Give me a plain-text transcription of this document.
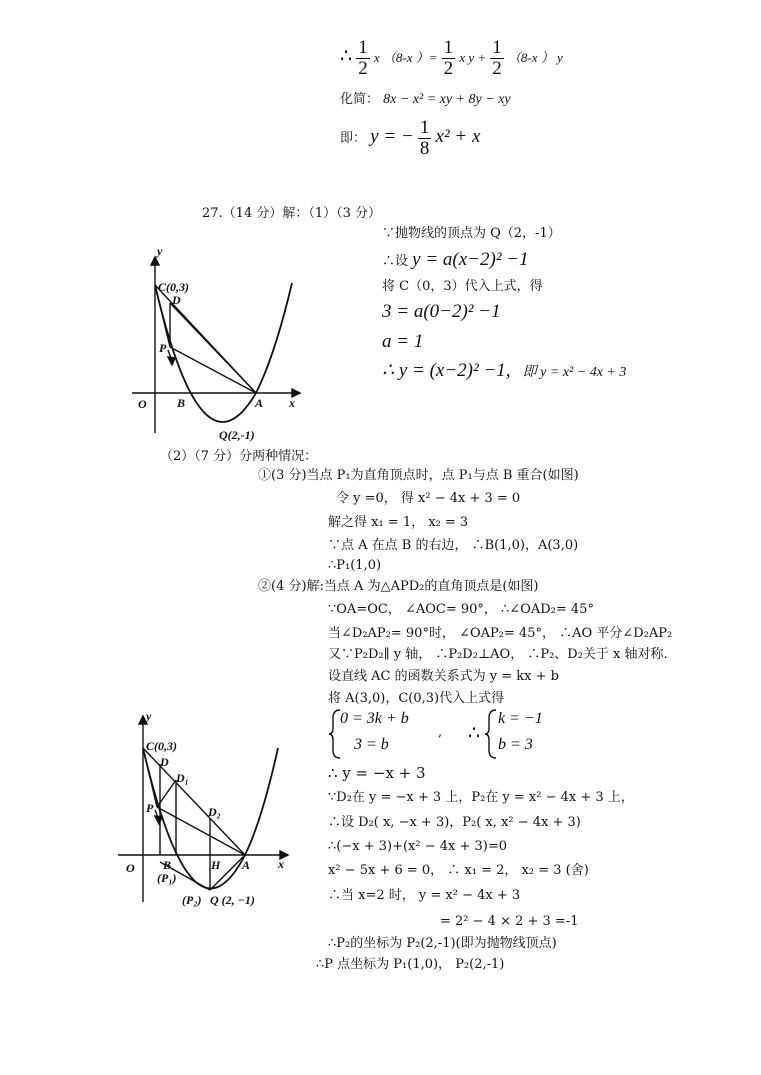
∴ $\frac{1}{2}$ x （8-x ）= $\frac{1}{2}$ x $y + \frac{1}{2} (8-x$ ） y
化简： 8x − x² = xy + 8y − xy
即： y = − $\frac{1}{8} x^2 + x$
27.（14 分）解：（1）（3 分）
∵抛物线的顶点为 Q（2，-1）
∴设 y = a(x−2)² −1
将 C（0，3）代入上式，得
3 = a(0−2)² −1
a = 1
∴ y = (x−2)² −1, 即 y = x² − 4x + 3
y
x
O
C(0,3)
D
P
B	A
Q(2,-1)
（2）（7 分）分两种情况：
①(3 分)当点 P₁为直角顶点时，点 P₁与点 B 重合(如图)
令 y =0， 得 x² − 4x + 3 = 0
解之得 x₁ = 1， x₂ = 3
∵点 A 在点 B 的右边， ∴B(1,0)，A(3,0)
∴P₁(1,0)
②(4 分)解:当点 A 为△APD₂的直角顶点是(如图)
∵OA=OC， ∠AOC= 90°， ∴∠OAD₂= 45°
当∠D₂AP₂= 90°时， ∠OAP₂= 45°， ∴AO 平分∠D₂AP₂
又∵P₂D₂∥ y 轴， ∴P₂D₂⊥AO， ∴P₂、D₂关于 x 轴对称.
设直线 AC 的函数关系式为 y = kx + b
将 A(3,0)，C(0,3)代入上式得
0 = 3k + b
3 = b
, ∴
k = −1
b = 3
∴ y = −x + 3
∵D₂在 y = −x + 3 上，P₂在 y = x² − 4x + 3 上，
∴设 D₂( x, −x + 3)，P₂( x, x² − 4x + 3)
∴(−x + 3)+(x² − 4x + 3)=0
x² − 5x + 6 = 0， ∴ x₁ = 2， x₂ = 3 (舍)
∴当 x=2 时， y = x² − 4x + 3
= 2² − 4 × 2 + 3 =-1
∴P₂的坐标为 P₂(2,-1)(即为抛物线顶点)
∴P 点坐标为 P₁(1,0)， P₂(2,-1)
y
x
O
C(0,3)
D
D₁
D₂
P
B
(P₁)
H A
(P₂) Q (2, −1)
